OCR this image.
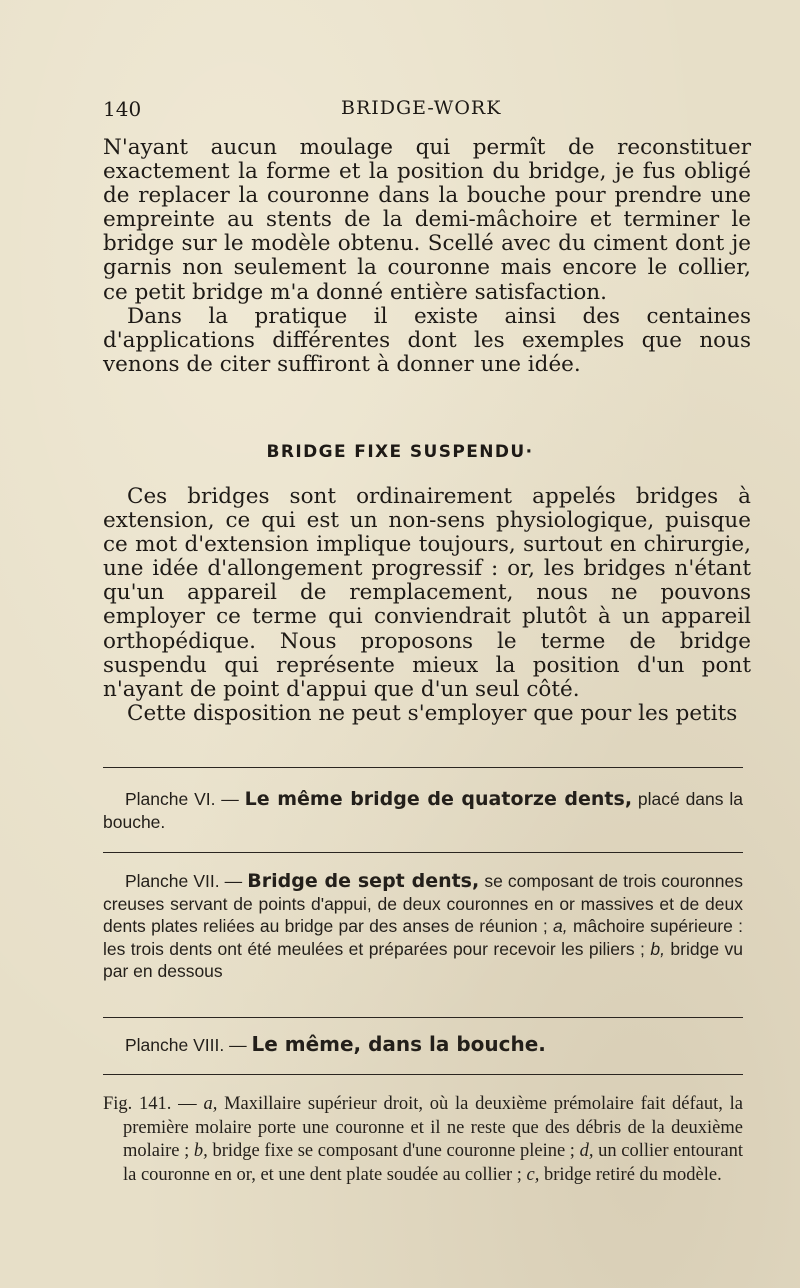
140	BRIDGE-WORK

N'ayant aucun moulage qui permît de reconstituer exactement la forme et la position du bridge, je fus obligé de replacer la couronne dans la bouche pour prendre une empreinte au stents de la demi-mâchoire et terminer le bridge sur le modèle obtenu. Scellé avec du ciment dont je garnis non seulement la couronne mais encore le collier, ce petit bridge m'a donné entière satisfaction.

Dans la pratique il existe ainsi des centaines d'applications différentes dont les exemples que nous venons de citer suffiront à donner une idée.

BRIDGE FIXE SUSPENDU·

Ces bridges sont ordinairement appelés bridges à extension, ce qui est un non-sens physiologique, puisque ce mot d'extension implique toujours, surtout en chirurgie, une idée d'allongement progressif : or, les bridges n'étant qu'un appareil de remplacement, nous ne pouvons employer ce terme qui conviendrait plutôt à un appareil orthopédique. Nous proposons le terme de bridge suspendu qui représente mieux la position d'un pont n'ayant de point d'appui que d'un seul côté.

Cette disposition ne peut s'employer que pour les petits

Planche VI. — Le même bridge de quatorze dents, placé dans la bouche.
Planche VII. — Bridge de sept dents, se composant de trois couronnes creuses servant de points d'appui, de deux couronnes en or massives et de deux dents plates reliées au bridge par des anses de réunion ; a, mâchoire supérieure : les trois dents ont été meulées et préparées pour recevoir les piliers ; b, bridge vu par en dessous
Planche VIII. — Le même, dans la bouche.
Fig. 141. — a, Maxillaire supérieur droit, où la deuxième prémolaire fait défaut, la première molaire porte une couronne et il ne reste que des débris de la deuxième molaire ; b, bridge fixe se composant d'une couronne pleine ; d, un collier entourant la couronne en or, et une dent plate soudée au collier ; c, bridge retiré du modèle.
